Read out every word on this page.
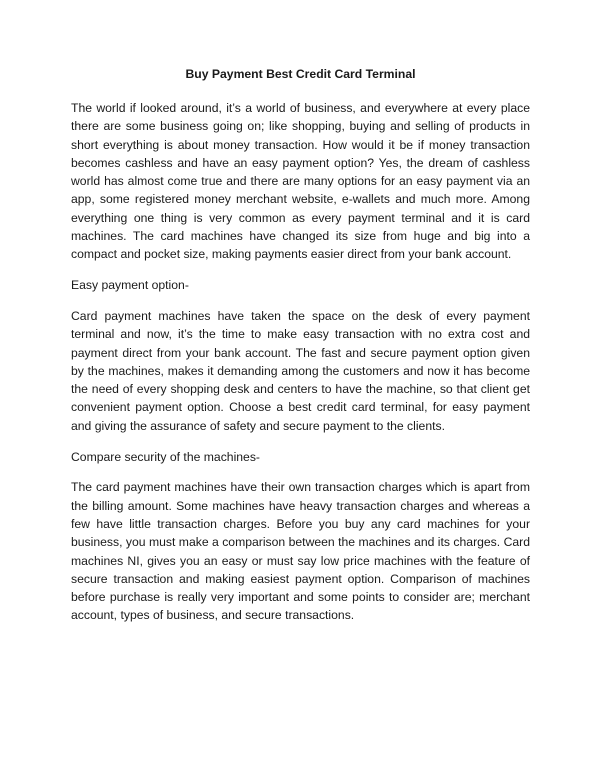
Buy Payment Best Credit Card Terminal

The world if looked around, it’s a world of business, and everywhere at every place there are some business going on; like shopping, buying and selling of products in short everything is about money transaction. How would it be if money transaction becomes cashless and have an easy payment option? Yes, the dream of cashless world has almost come true and there are many options for an easy payment via an app, some registered money merchant website, e-wallets and much more. Among everything one thing is very common as every payment terminal and it is card machines. The card machines have changed its size from huge and big into a compact and pocket size, making payments easier direct from your bank account.

Easy payment option-

Card payment machines have taken the space on the desk of every payment terminal and now, it’s the time to make easy transaction with no extra cost and payment direct from your bank account. The fast and secure payment option given by the machines, makes it demanding among the customers and now it has become the need of every shopping desk and centers to have the machine, so that client get convenient payment option. Choose a best credit card terminal, for easy payment and giving the assurance of safety and secure payment to the clients.

Compare security of the machines-

The card payment machines have their own transaction charges which is apart from the billing amount. Some machines have heavy transaction charges and whereas a few have little transaction charges. Before you buy any card machines for your business, you must make a comparison between the machines and its charges. Card machines NI, gives you an easy or must say low price machines with the feature of secure transaction and making easiest payment option. Comparison of machines before purchase is really very important and some points to consider are; merchant account, types of business, and secure transactions.
